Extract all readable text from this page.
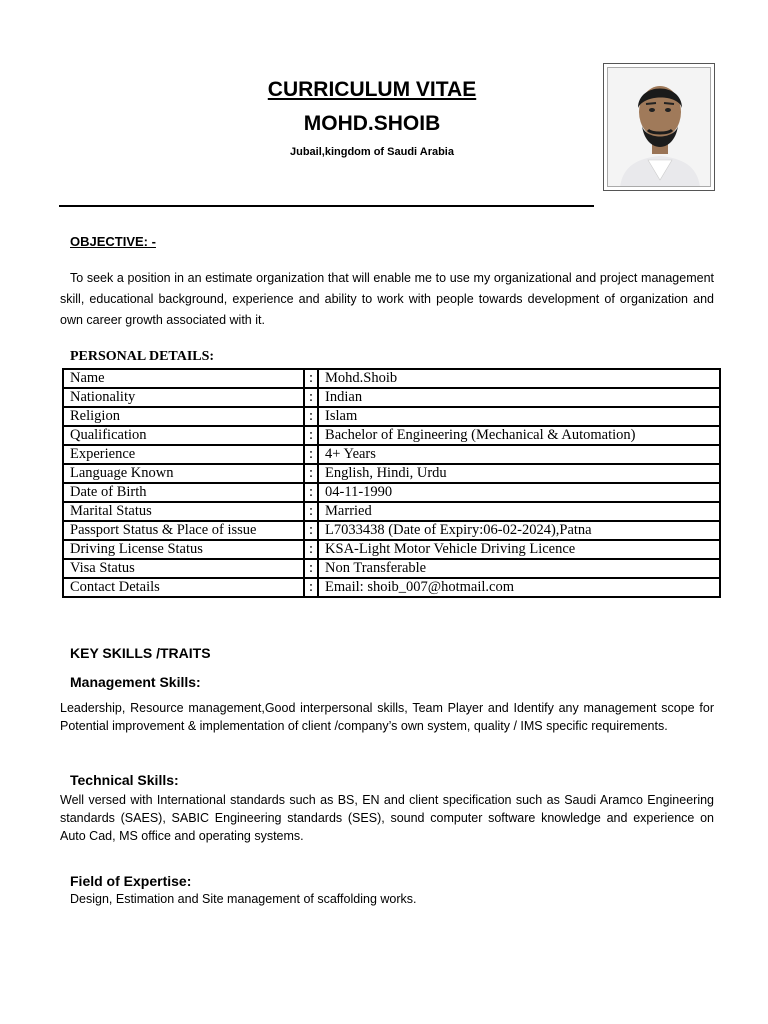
CURRICULUM VITAE
MOHD.SHOIB
Jubail,kingdom of Saudi Arabia
OBJECTIVE: -
To seek a position in an estimate organization that will enable me to use my organizational and project management skill, educational background, experience and ability to work with people towards development of organization and own career growth associated with it.
PERSONAL DETAILS:
Name	:	Mohd.Shoib
Nationality	:	Indian
Religion	:	Islam
Qualification	:	Bachelor of Engineering (Mechanical & Automation)
Experience	:	4+ Years
Language Known	:	English, Hindi, Urdu
Date of Birth	:	04-11-1990
Marital Status	:	Married
Passport Status & Place of issue	:	L7033438 (Date of Expiry:06-02-2024),Patna
Driving License Status	:	KSA-Light Motor Vehicle Driving Licence
Visa Status	:	Non Transferable
Contact Details	:	Email: shoib_007@hotmail.com
KEY SKILLS /TRAITS
Management Skills:
Leadership, Resource management,Good interpersonal skills, Team Player and Identify any management scope for Potential improvement & implementation of client /company’s own system, quality / IMS specific requirements.
Technical Skills:
Well versed with International standards such as BS, EN and client specification such as Saudi Aramco Engineering standards (SAES), SABIC Engineering standards (SES), sound computer software knowledge and experience on Auto Cad, MS office and operating systems.
Field of Expertise:
Design, Estimation and Site management of scaffolding works.
